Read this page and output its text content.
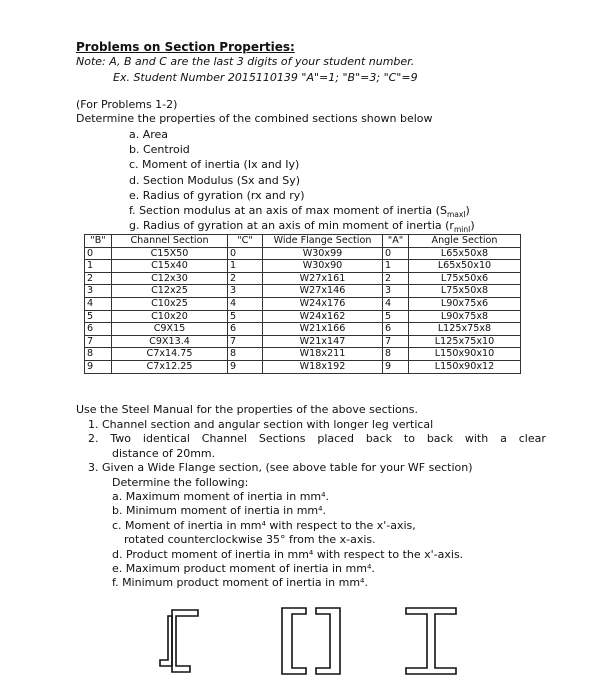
Problems on Section Properties:
Note: A, B and C are the last 3 digits of your student number.
Ex. Student Number 2015110139 "A"=1; "B"=3; "C"=9
(For Problems 1-2)
Determine the properties of the combined sections shown below
a. Area
b. Centroid
c. Moment of inertia (Ix and Iy)
d. Section Modulus (Sx and Sy)
e. Radius of gyration (rx and ry)
f. Section modulus at an axis of max moment of inertia $(S_{maxI})$
g. Radius of gyration at an axis of min moment of inertia $(r_{minI})$
"B"	Channel Section	"C"	Wide Flange Section	"A"	Angle Section
0	C15X50	0	W30x99	0	L65x50x8
1	C15x40	1	W30x90	1	L65x50x10
2	C12x30	2	W27x161	2	L75x50x6
3	C12x25	3	W27x146	3	L75x50x8
4	C10x25	4	W24x176	4	L90x75x6
5	C10x20	5	W24x162	5	L90x75x8
6	C9X15	6	W21x166	6	L125x75x8
7	C9X13.4	7	W21x147	7	L125x75x10
8	C7x14.75	8	W18x211	8	L150x90x10
9	C7x12.25	9	W18x192	9	L150x90x12
Use the Steel Manual for the properties of the above sections.
1. Channel section and angular section with longer leg vertical
2. Two identical Channel Sections placed back to back with a clear
distance of 20mm.
3. Given a Wide Flange section, (see above table for your WF section)
Determine the following:
a. Maximum moment of inertia in mm⁴.
b. Minimum moment of inertia in mm⁴.
c. Moment of inertia in mm⁴ with respect to the x'-axis,
rotated counterclockwise 35° from the x-axis.
d. Product moment of inertia in mm⁴ with respect to the x'-axis.
e. Maximum product moment of inertia in mm⁴.
f. Minimum product moment of inertia in mm⁴.
